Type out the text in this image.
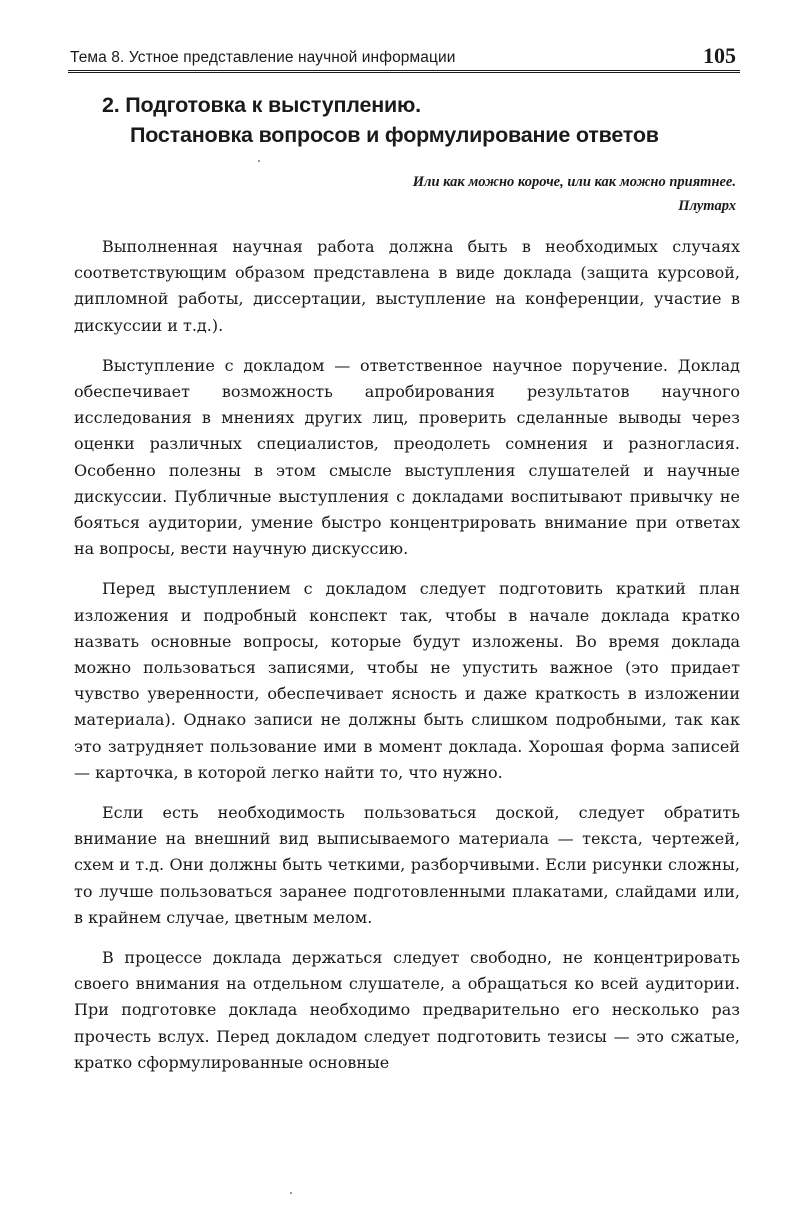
Тема 8. Устное представление научной информации	105
2. Подготовка к выступлению.
Постановка вопросов и формулирование ответов
Или как можно короче, или как можно приятнее.
Плутарх

Выполненная научная работа должна быть в необходимых случаях соответствующим образом представлена в виде доклада (защита курсовой, дипломной работы, диссертации, выступление на конференции, участие в дискуссии и т.д.).

Выступление с докладом — ответственное научное поручение. Доклад обеспечивает возможность апробирования результатов научного исследования в мнениях других лиц, проверить сделанные выводы через оценки различных специалистов, преодолеть сомнения и разногласия. Особенно полезны в этом смысле выступления слушателей и научные дискуссии. Публичные выступления с докладами воспитывают привычку не бояться аудитории, умение быстро концентрировать внимание при ответах на вопросы, вести научную дискуссию.

Перед выступлением с докладом следует подготовить краткий план изложения и подробный конспект так, чтобы в начале доклада кратко назвать основные вопросы, которые будут изложены. Во время доклада можно пользоваться записями, чтобы не упустить важное (это придает чувство уверенности, обеспечивает ясность и даже краткость в изложении материала). Однако записи не должны быть слишком подробными, так как это затрудняет пользование ими в момент доклада. Хорошая форма записей — карточка, в которой легко найти то, что нужно.

Если есть необходимость пользоваться доской, следует обратить внимание на внешний вид выписываемого материала — текста, чертежей, схем и т.д. Они должны быть четкими, разборчивыми. Если рисунки сложны, то лучше пользоваться заранее подготовленными плакатами, слайдами или, в крайнем случае, цветным мелом.

В процессе доклада держаться следует свободно, не концентрировать своего внимания на отдельном слушателе, а обращаться ко всей аудитории. При подготовке доклада необходимо предварительно его несколько раз прочесть вслух. Перед докладом следует подготовить тезисы — это сжатые, кратко сформулированные основные
